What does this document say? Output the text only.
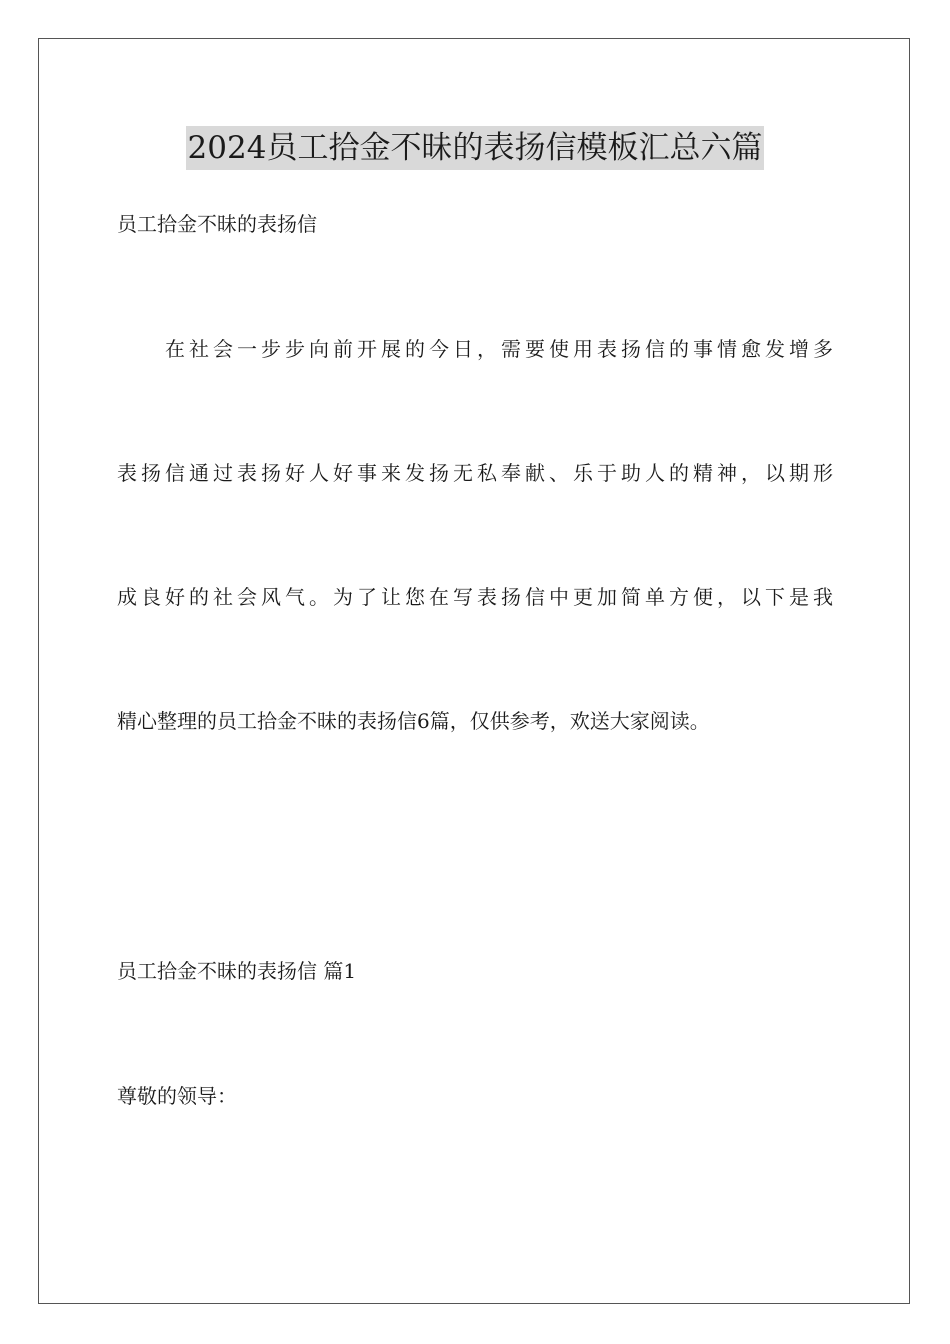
2024员工拾金不昧的表扬信模板汇总六篇
员工拾金不昧的表扬信
在社会一步步向前开展的今日，需要使用表扬信的事情愈发增多
表扬信通过表扬好人好事来发扬无私奉献、乐于助人的精神，以期形
成良好的社会风气。为了让您在写表扬信中更加简单方便，以下是我
精心整理的员工拾金不昧的表扬信6篇，仅供参考，欢送大家阅读。
员工拾金不昧的表扬信 篇1
尊敬的领导：
